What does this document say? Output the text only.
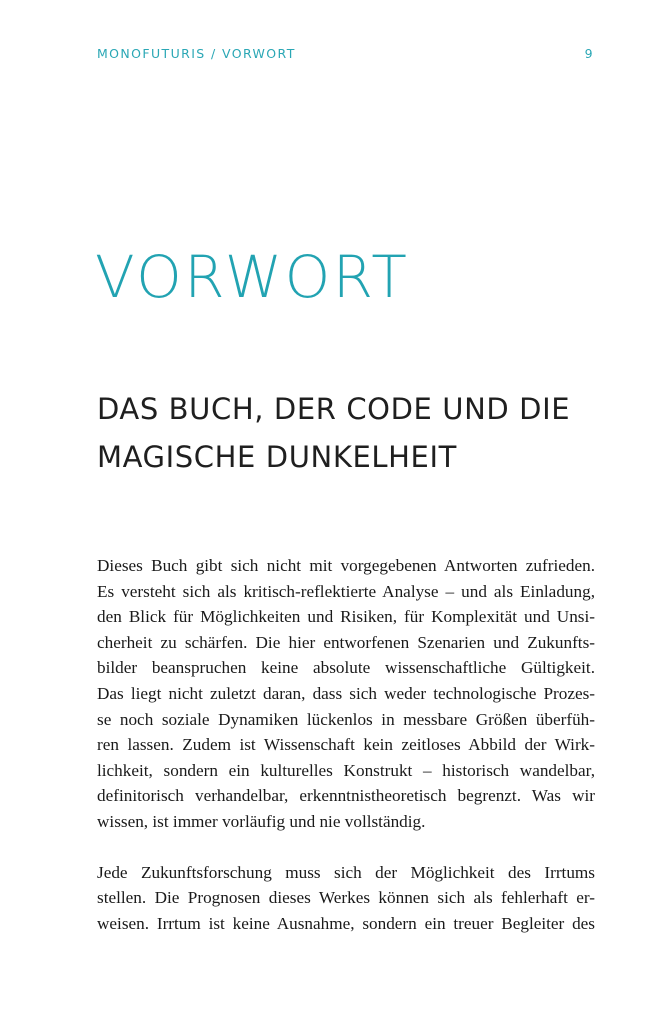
MONOFUTURIS / VORWORT	9
VORWORT
DAS BUCH, DER CODE UND DIE
MAGISCHE DUNKELHEIT

Dieses Buch gibt sich nicht mit vorgegebenen Antworten zufrieden.
Es versteht sich als kritisch-reflektierte Analyse – und als Einladung,
den Blick für Möglichkeiten und Risiken, für Komplexität und Unsi-
cherheit zu schärfen. Die hier entworfenen Szenarien und Zukunfts-
bilder beanspruchen keine absolute wissenschaftliche Gültigkeit.
Das liegt nicht zuletzt daran, dass sich weder technologische Prozes-
se noch soziale Dynamiken lückenlos in messbare Größen überfüh-
ren lassen. Zudem ist Wissenschaft kein zeitloses Abbild der Wirk-
lichkeit, sondern ein kulturelles Konstrukt – historisch wandelbar,
definitorisch verhandelbar, erkenntnistheoretisch begrenzt. Was wir
wissen, ist immer vorläufig und nie vollständig.

Jede Zukunftsforschung muss sich der Möglichkeit des Irrtums
stellen. Die Prognosen dieses Werkes können sich als fehlerhaft er-
weisen. Irrtum ist keine Ausnahme, sondern ein treuer Begleiter des
